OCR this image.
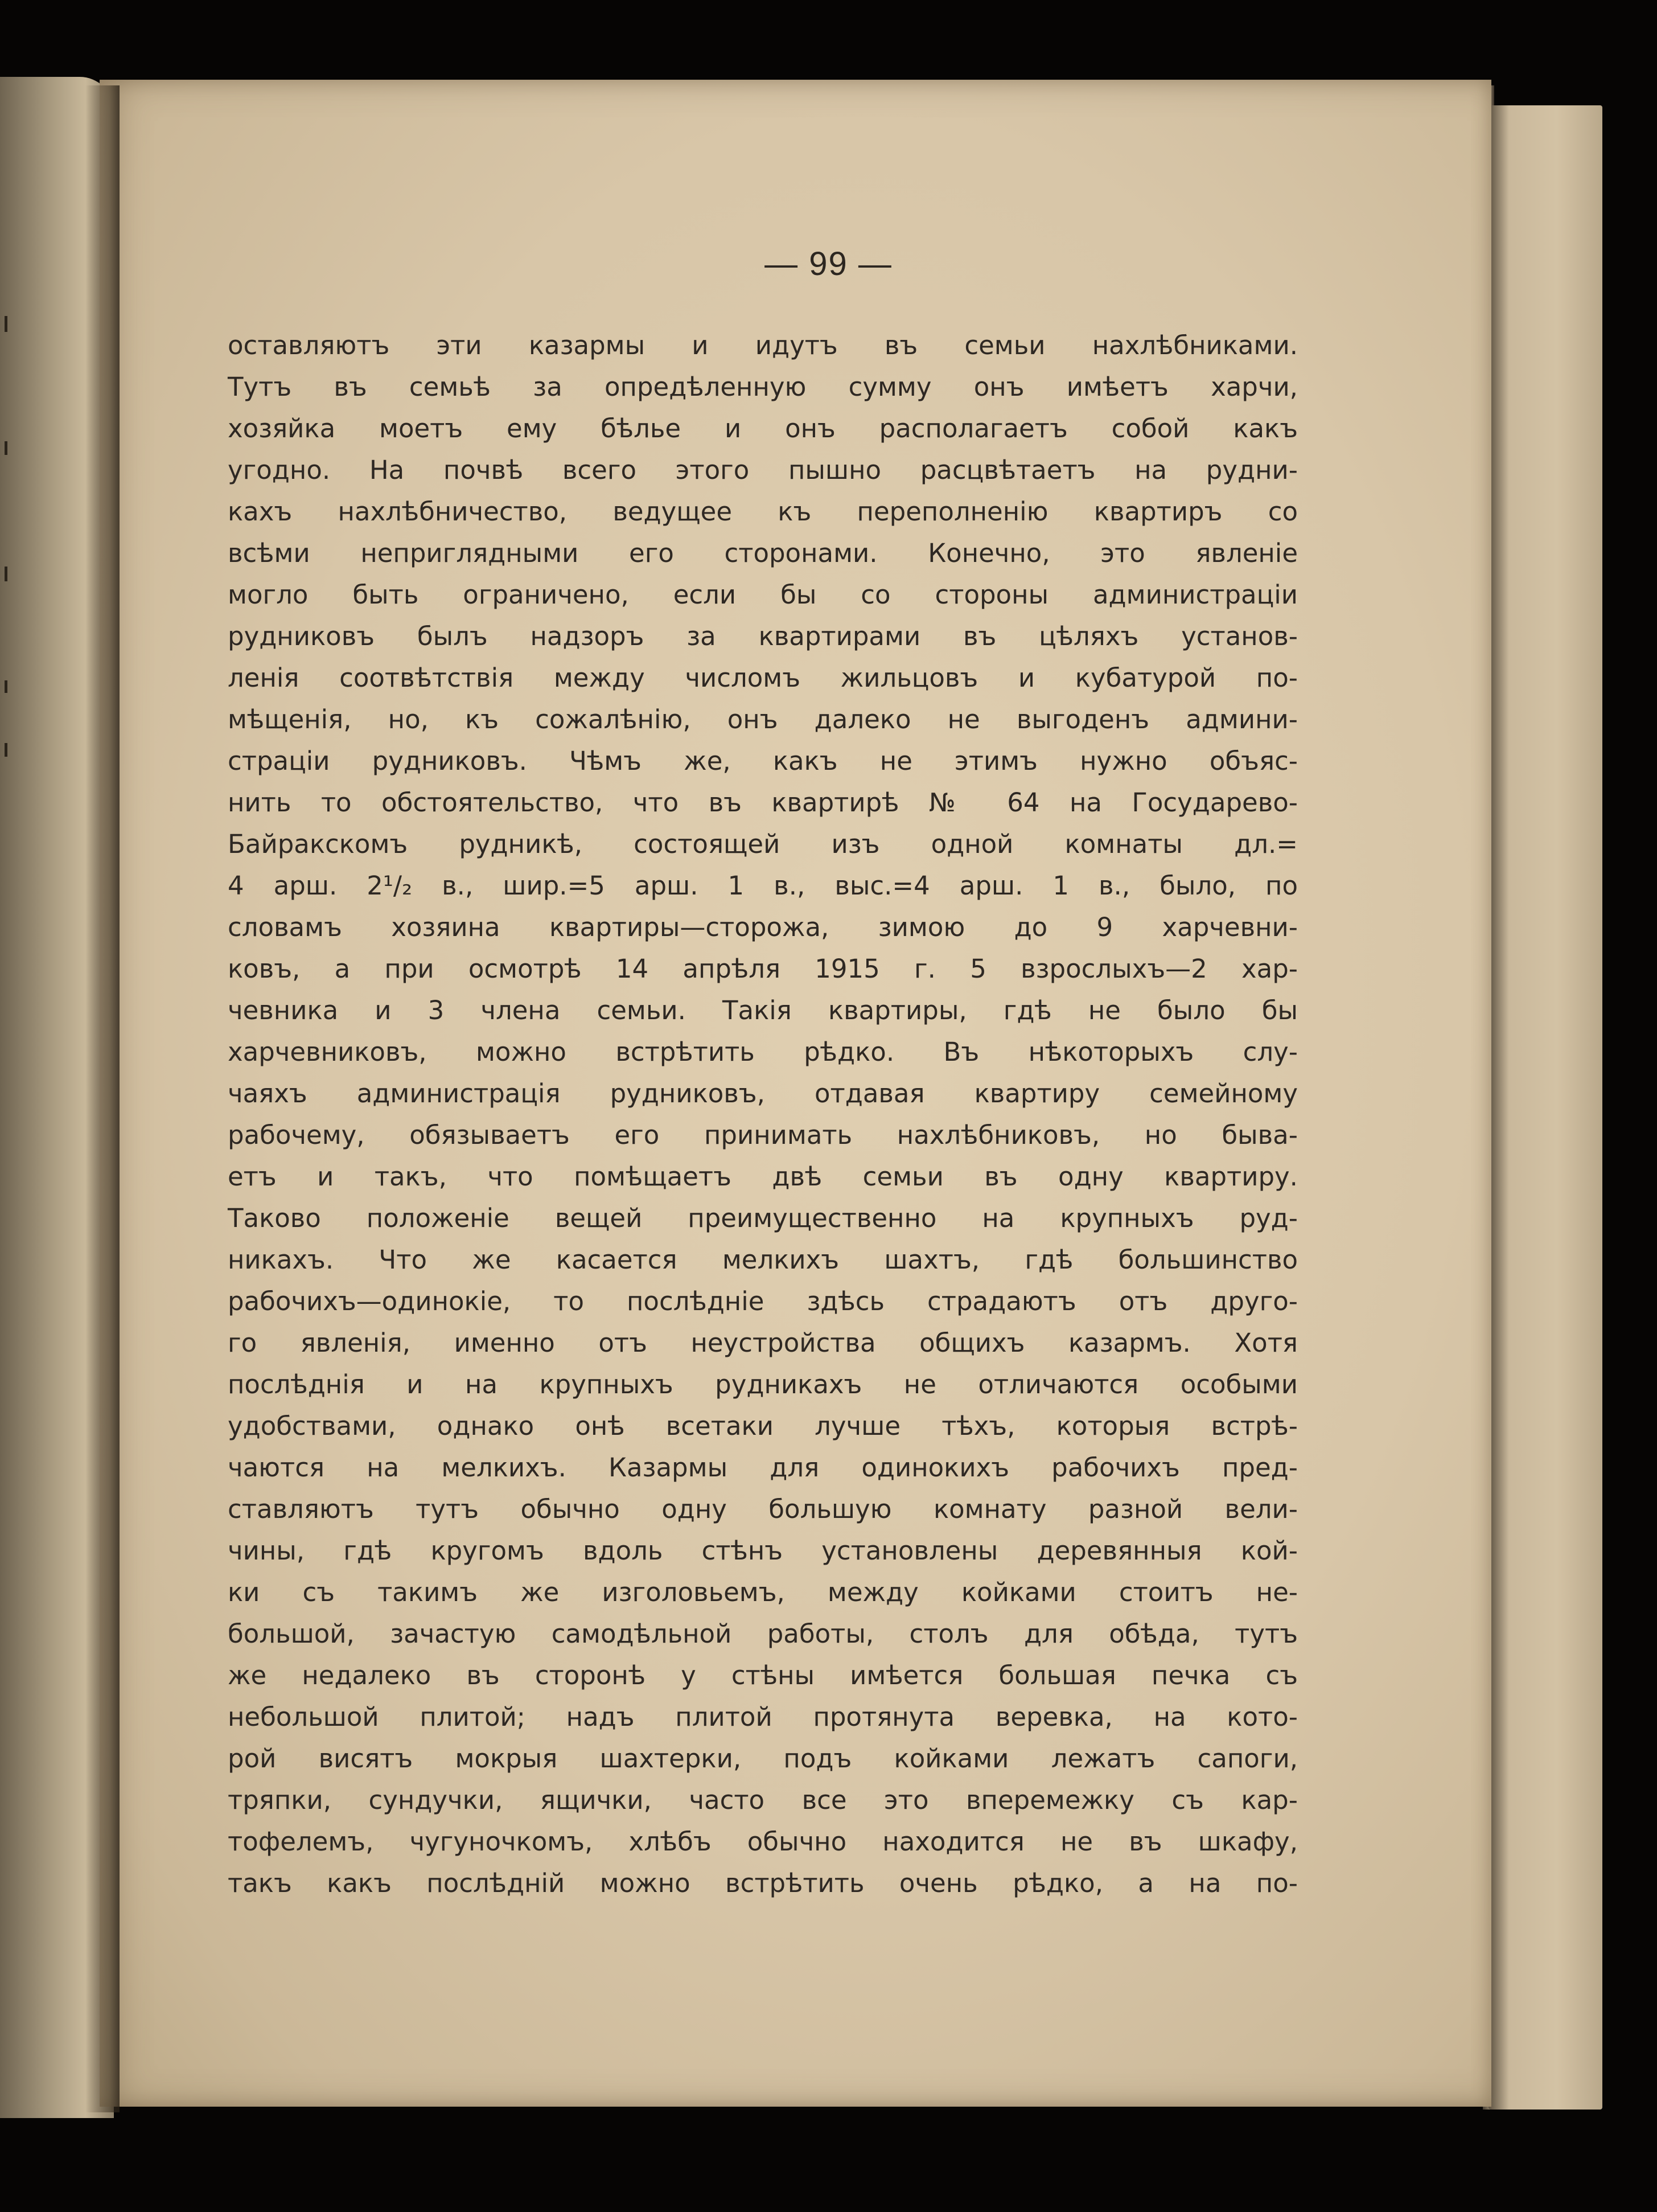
— 99 —
оставляютъ эти казармы и идутъ въ семьи нахлѣбниками.
Тутъ въ семьѣ за опредѣленную сумму онъ имѣетъ харчи,
хозяйка моетъ ему бѣлье и онъ располагаетъ собой какъ
угодно. На почвѣ всего этого пышно расцвѣтаетъ на рудни-
кахъ нахлѣбничество, ведущее къ переполненію квартиръ со
всѣми неприглядными его сторонами. Конечно, это явленіе
могло быть ограничено, если бы со стороны администраціи
рудниковъ былъ надзоръ за квартирами въ цѣляхъ установ-
ленія соотвѣтствія между числомъ жильцовъ и кубатурой по-
мѣщенія, но, къ сожалѣнію, онъ далеко не выгоденъ админи-
страціи рудниковъ. Чѣмъ же, какъ не этимъ нужно объяс-
нить то обстоятельство, что въ квартирѣ № 64 на Государево-
Байракскомъ рудникѣ, состоящей изъ одной комнаты дл.=
4 арш. 2¹/₂ в., шир.=5 арш. 1 в., выс.=4 арш. 1 в., было, по
словамъ хозяина квартиры—сторожа, зимою до 9 харчевни-
ковъ, а при осмотрѣ 14 апрѣля 1915 г. 5 взрослыхъ—2 хар-
чевника и 3 члена семьи. Такія квартиры, гдѣ не было бы
харчевниковъ, можно встрѣтить рѣдко. Въ нѣкоторыхъ слу-
чаяхъ администрація рудниковъ, отдавая квартиру семейному
рабочему, обязываетъ его принимать нахлѣбниковъ, но быва-
етъ и такъ, что помѣщаетъ двѣ семьи въ одну квартиру.
Таково положеніе вещей преимущественно на крупныхъ руд-
никахъ. Что же касается мелкихъ шахтъ, гдѣ большинство
рабочихъ—одинокіе, то послѣдніе здѣсь страдаютъ отъ друго-
го явленія, именно отъ неустройства общихъ казармъ. Хотя
послѣднія и на крупныхъ рудникахъ не отличаются особыми
удобствами, однако онѣ всетаки лучше тѣхъ, которыя встрѣ-
чаются на мелкихъ. Казармы для одинокихъ рабочихъ пред-
ставляютъ тутъ обычно одну большую комнату разной вели-
чины, гдѣ кругомъ вдоль стѣнъ установлены деревянныя кой-
ки съ такимъ же изголовьемъ, между койками стоитъ не-
большой, зачастую самодѣльной работы, столъ для обѣда, тутъ
же недалеко въ сторонѣ у стѣны имѣется большая печка съ
небольшой плитой; надъ плитой протянута веревка, на кото-
рой висятъ мокрыя шахтерки, подъ койками лежатъ сапоги,
тряпки, сундучки, ящички, часто все это вперемежку съ кар-
тофелемъ, чугуночкомъ, хлѣбъ обычно находится не въ шкафу,
такъ какъ послѣдній можно встрѣтить очень рѣдко, а на по-
